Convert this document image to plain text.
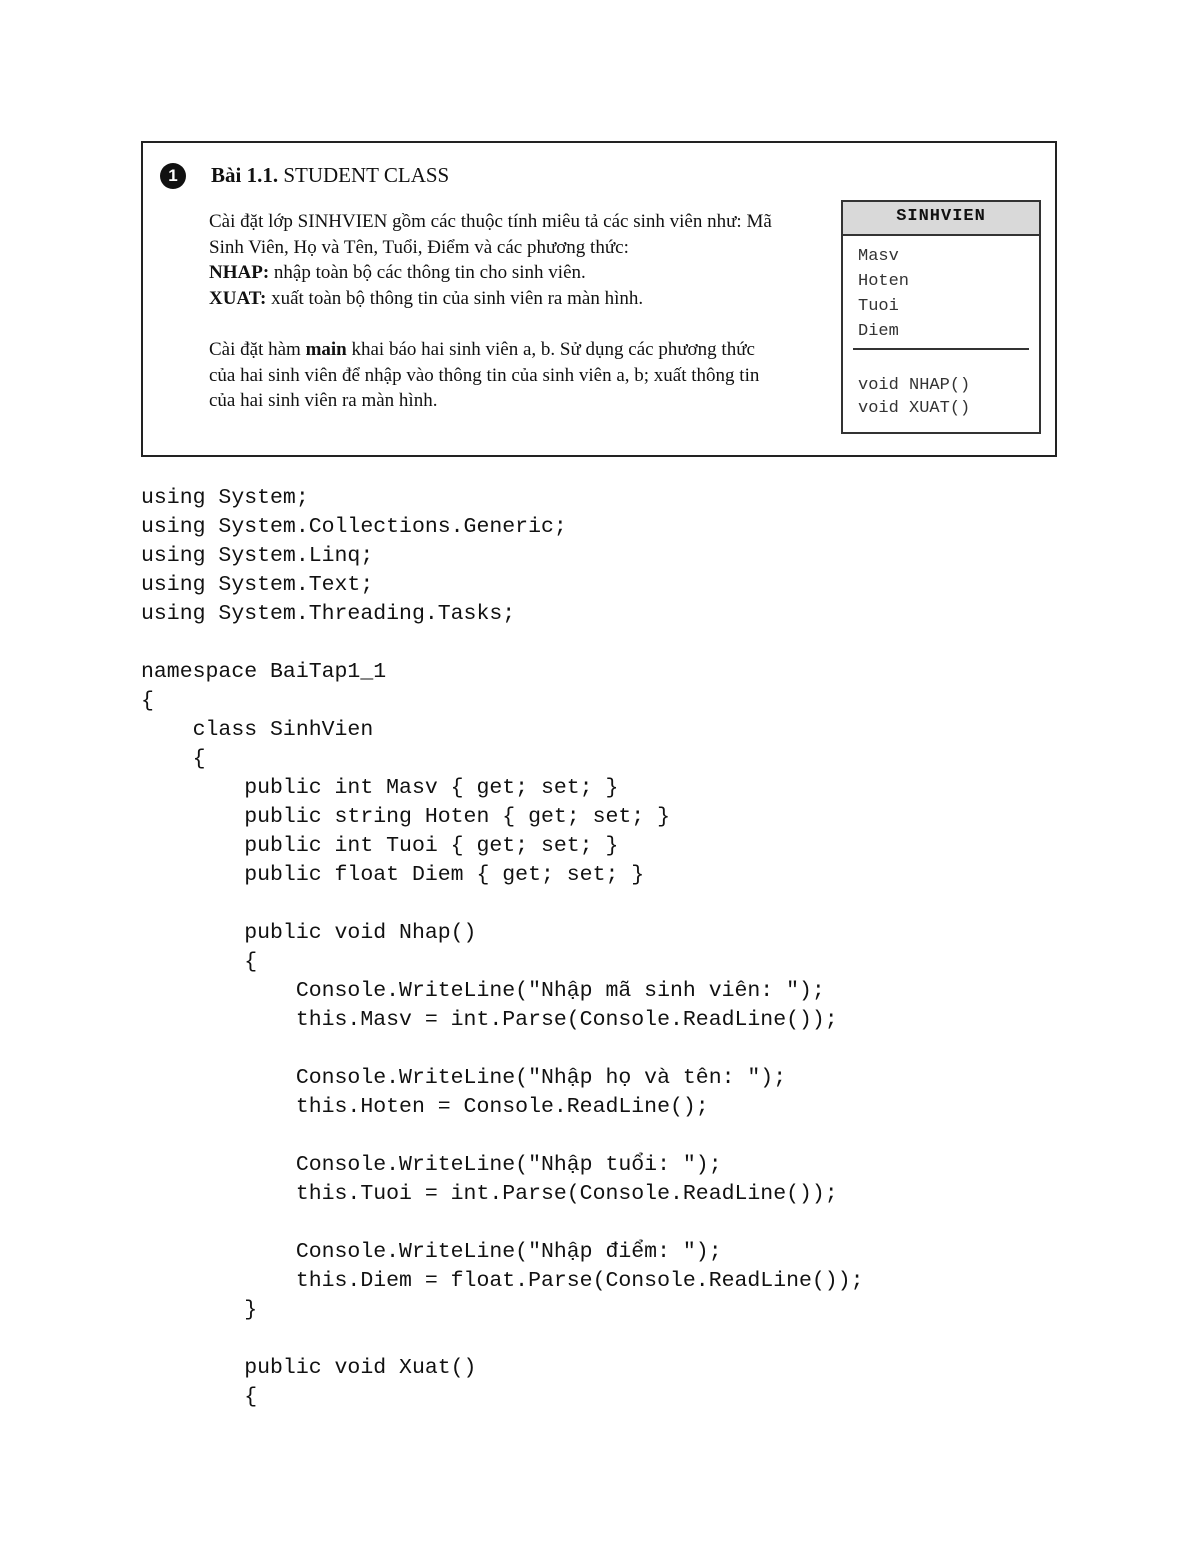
1	Bài 1.1. STUDENT CLASS

Cài đặt lớp SINHVIEN gồm các thuộc tính miêu tả các sinh viên như: Mã Sinh Viên, Họ và Tên, Tuổi, Điểm và các phương thức:

NHAP: nhập toàn bộ các thông tin cho sinh viên.

XUAT: xuất toàn bộ thông tin của sinh viên ra màn hình.

Cài đặt hàm main khai báo hai sinh viên a, b. Sử dụng các phương thức của hai sinh viên để nhập vào thông tin của sinh viên a, b; xuất thông tin của hai sinh viên ra màn hình.

SINHVIEN
Masv
Hoten
Tuoi
Diem
void NHAP()
void XUAT()
using System;
using System.Collections.Generic;
using System.Linq;
using System.Text;
using System.Threading.Tasks;
namespace BaiTap1_1
{
class SinhVien
{
public int Masv { get; set; }
public string Hoten { get; set; }
public int Tuoi { get; set; }
public float Diem { get; set; }
public void Nhap()
{
Console.WriteLine("Nhập mã sinh viên: ");
this.Masv = int.Parse(Console.ReadLine());
Console.WriteLine("Nhập họ và tên: ");
this.Hoten = Console.ReadLine();
Console.WriteLine("Nhập tuổi: ");
this.Tuoi = int.Parse(Console.ReadLine());
Console.WriteLine("Nhập điểm: ");
this.Diem = float.Parse(Console.ReadLine());
}
public void Xuat()
{
